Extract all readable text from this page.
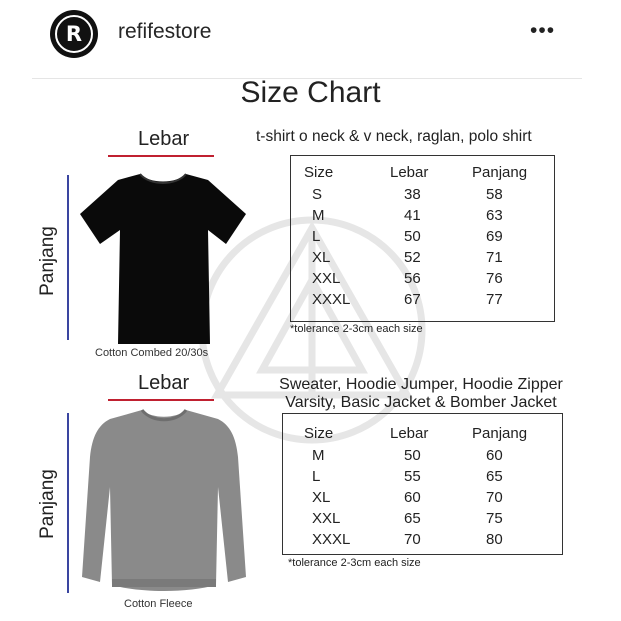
R refifestore	•••
Size Chart
Lebar
Panjang
Cotton Combed 20/30s
t-shirt o neck & v neck, raglan, polo shirt
Size	Lebar	Panjang
S	38	58
M	41	63
L	50	69
XL	52	71
XXL	56	76
XXXL	67	77
*tolerance 2-3cm each size
Lebar
Panjang
Cotton Fleece
Sweater, Hoodie Jumper, Hoodie Zipper
Varsity, Basic Jacket & Bomber Jacket
Size	Lebar	Panjang
M	50	60
L	55	65
XL	60	70
XXL	65	75
XXXL	70	80
*tolerance 2-3cm each size
